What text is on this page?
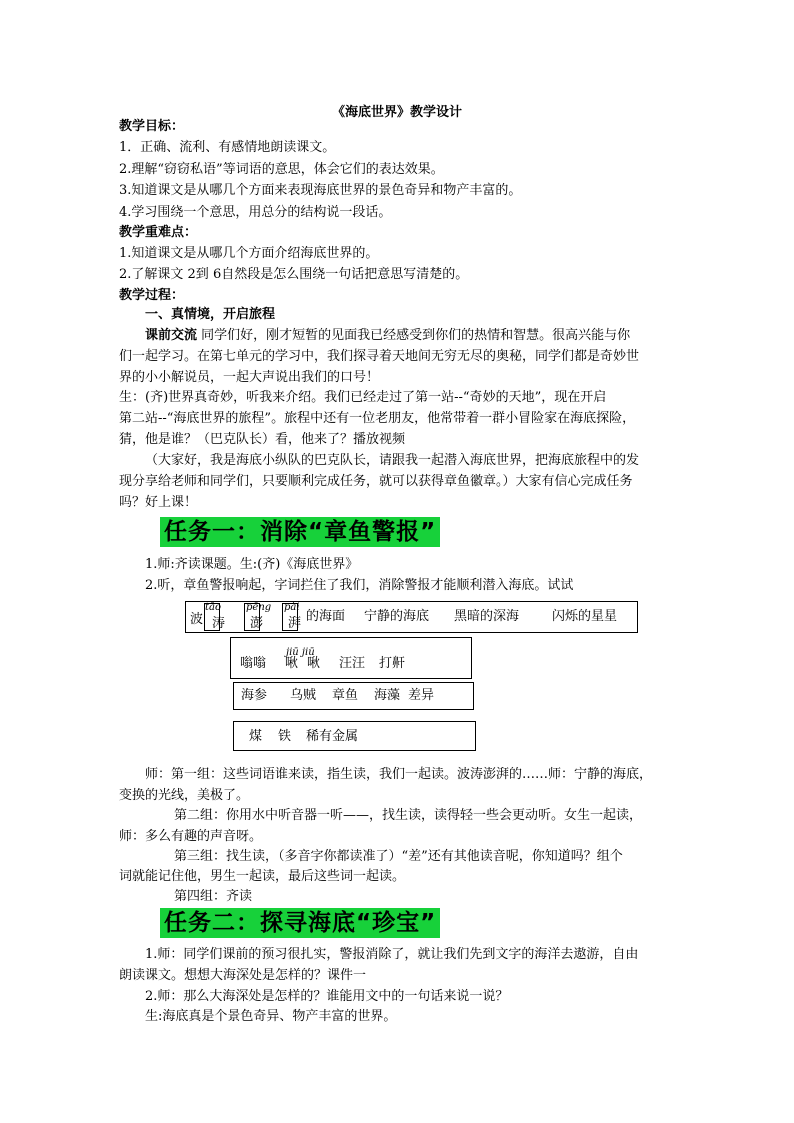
《海底世界》教学设计
教学目标：
1．正确、流利、有感情地朗读课文。
2.理解“窃窃私语”等词语的意思，体会它们的表达效果。
3.知道课文是从哪几个方面来表现海底世界的景色奇异和物产丰富的。
4.学习围绕一个意思，用总分的结构说一段话。
教学重难点：
1.知道课文是从哪几个方面介绍海底世界的。
2.了解课文 2到 6自然段是怎么围绕一句话把意思写清楚的。
教学过程：
一、真情境，开启旅程
课前交流 同学们好，刚才短暂的见面我已经感受到你们的热情和智慧。很高兴能与你
们一起学习。在第七单元的学习中，我们探寻着天地间无穷无尽的奥秘，同学们都是奇妙世
界的小小解说员，一起大声说出我们的口号！
生：(齐)世界真奇妙，听我来介绍。我们已经走过了第一站--“奇妙的天地”，现在开启
第二站--“海底世界的旅程”。旅程中还有一位老朋友，他常带着一群小冒险家在海底探险，
猜，他是谁？（巴克队长）看，他来了？播放视频
（大家好，我是海底小纵队的巴克队长，请跟我一起潜入海底世界，把海底旅程中的发
现分享给老师和同学们，只要顺利完成任务，就可以获得章鱼徽章。）大家有信心完成任务
吗？好上课！
任务一：消除“章鱼警报”
1.师:齐读课题。生:(齐)《海底世界》
2.听，章鱼警报响起，字词拦住了我们，消除警报才能顺利潜入海底。试试
tāo pēng pài
波 涛 澎 湃 的海面 宁静的海底 黑暗的深海	闪烁的星星
jiū jiū
嗡嗡 啾 啾 汪汪 打鼾
海参 乌贼 章鱼 海藻 差异
煤 铁 稀有金属
师：第一组：这些词语谁来读，指生读，我们一起读。波涛澎湃的……师：宁静的海底，
变换的光线，美极了。
第二组：你用水中听音器一听——，找生读，读得轻一些会更动听。女生一起读，
师：多么有趣的声音呀。
第三组：找生读，（多音字你都读准了）“差”还有其他读音呢，你知道吗？组个
词就能记住他，男生一起读，最后这些词一起读。
第四组：齐读
任务二：探寻海底“珍宝”
1.师：同学们课前的预习很扎实，警报消除了，就让我们先到文字的海洋去遨游，自由
朗读课文。想想大海深处是怎样的？课件一
2.师：那么大海深处是怎样的？谁能用文中的一句话来说一说？
生:海底真是个景色奇异、物产丰富的世界。
